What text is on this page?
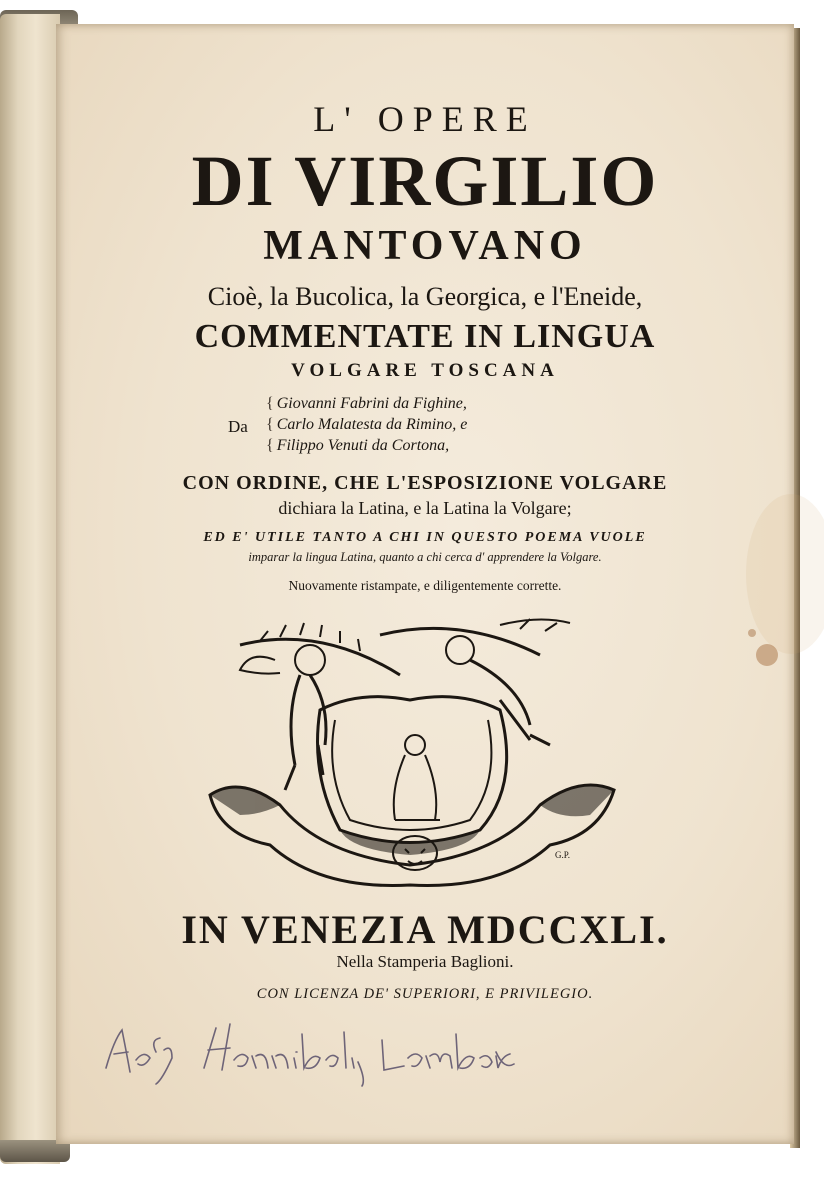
L' OPERE
DI VIRGILIO
MANTOVANO
Cioè, la Bucolica, la Georgica, e l'Eneide,
COMMENTATE IN LINGUA
VOLGARE TOSCANA
Da
{ Giovanni Fabrini da Fighine,
{ Carlo Malatesta da Rimino, e
{ Filippo Venuti da Cortona,
CON ORDINE, CHE L'ESPOSIZIONE VOLGARE
dichiara la Latina, e la Latina la Volgare;
ED E' UTILE TANTO A CHI IN QUESTO POEMA VUOLE
imparar la lingua Latina, quanto a chi cerca d' apprendere la Volgare.
Nuovamente ristampate, e diligentemente corrette.
G.P.
IN VENEZIA MDCCXLI.
Nella Stamperia Baglioni.
CON LICENZA DE' SUPERIORI, E PRIVILEGIO.
